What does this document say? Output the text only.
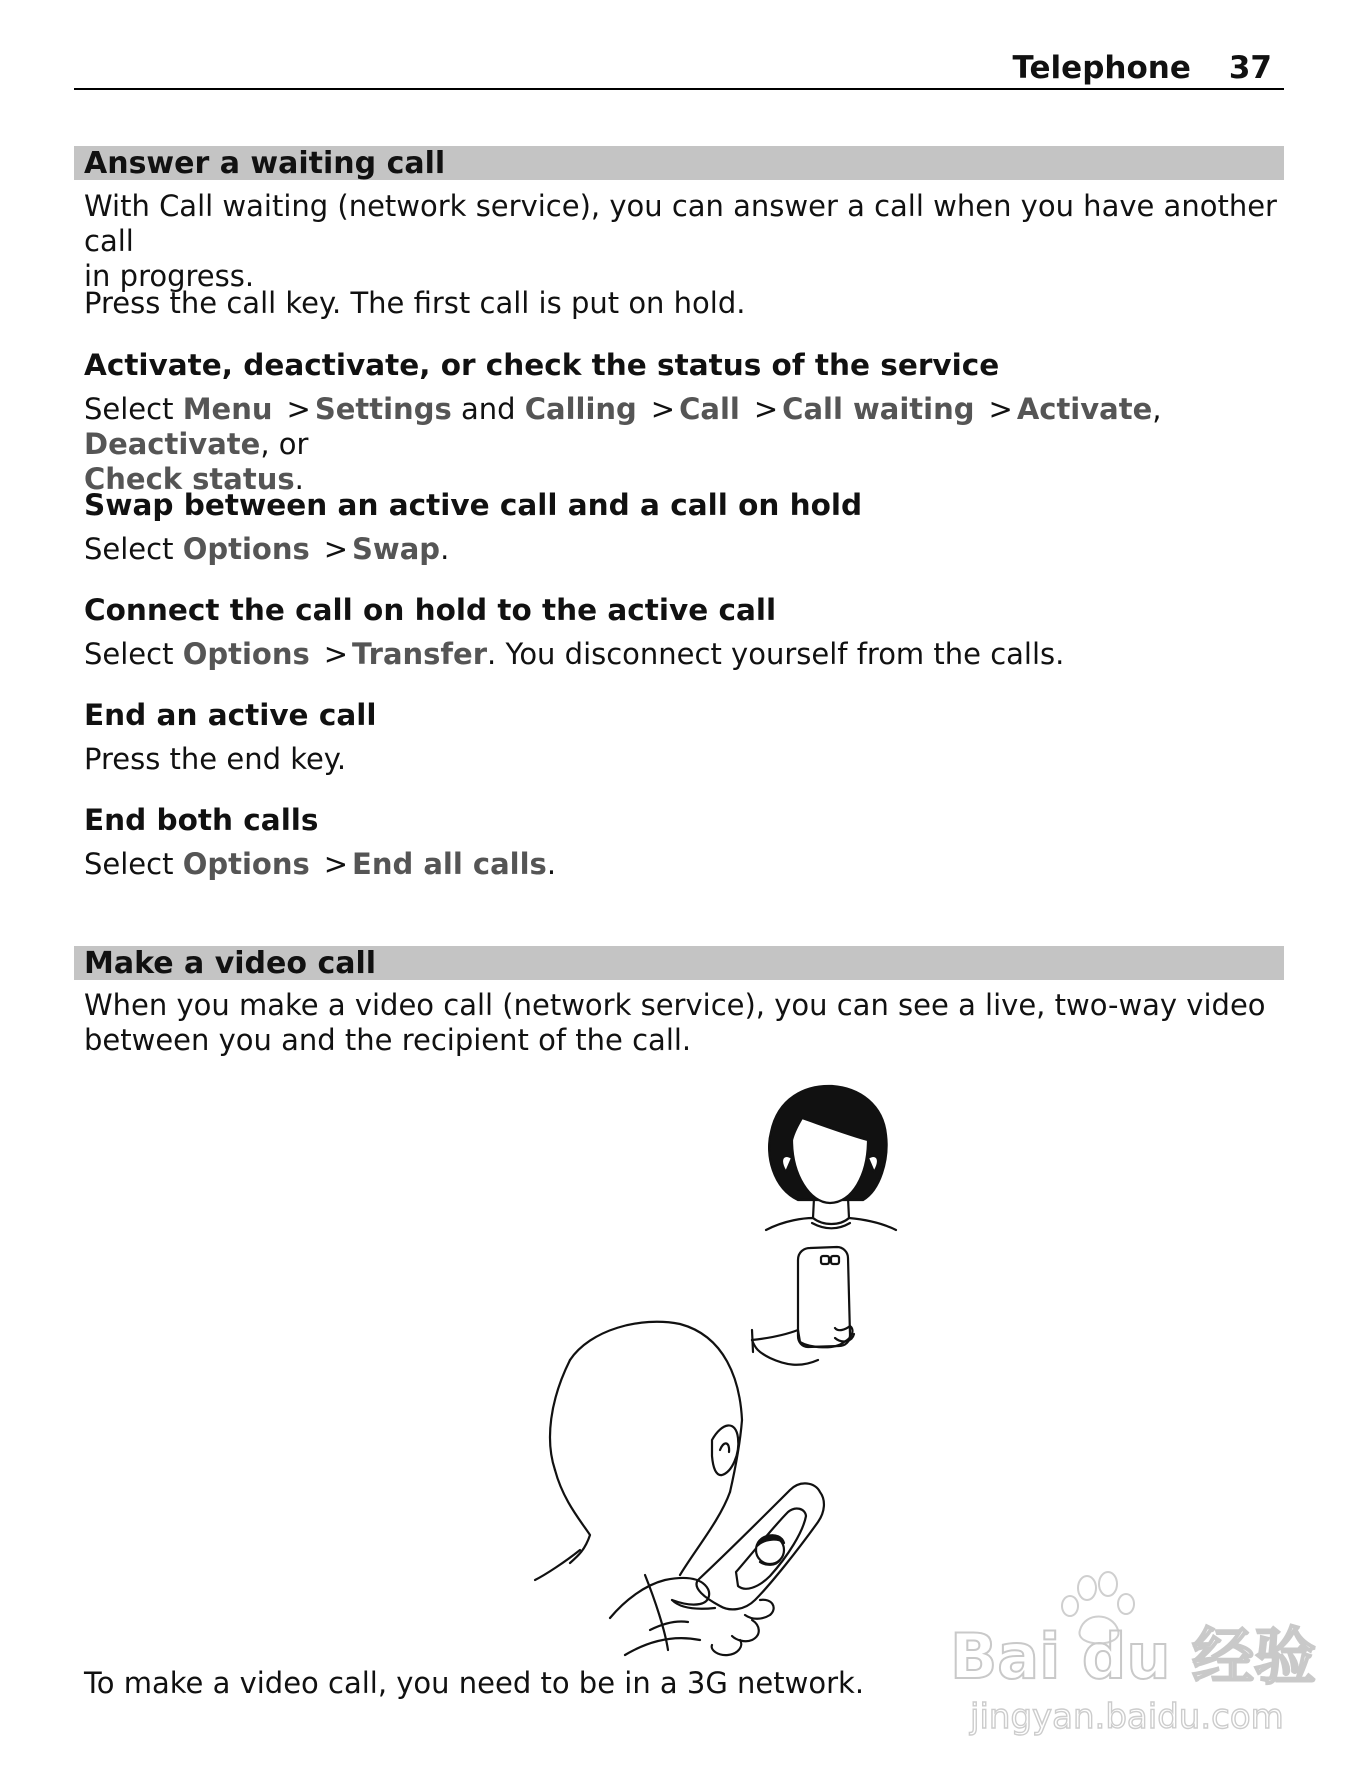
Telephone 37
Answer a waiting call
With Call waiting (network service), you can answer a call when you have another call
in progress.
Press the call key. The first call is put on hold.
Activate, deactivate, or check the status of the service
Select Menu > Settings and Calling > Call > Call waiting > Activate, Deactivate, or
Check status.
Swap between an active call and a call on hold
Select Options > Swap.
Connect the call on hold to the active call
Select Options > Transfer. You disconnect yourself from the calls.
End an active call
Press the end key.
End both calls
Select Options > End all calls.
Make a video call
When you make a video call (network service), you can see a live, two-way video
between you and the recipient of the call.
To make a video call, you need to be in a 3G network.	Bai du 经验
jingyan.baidu.com
